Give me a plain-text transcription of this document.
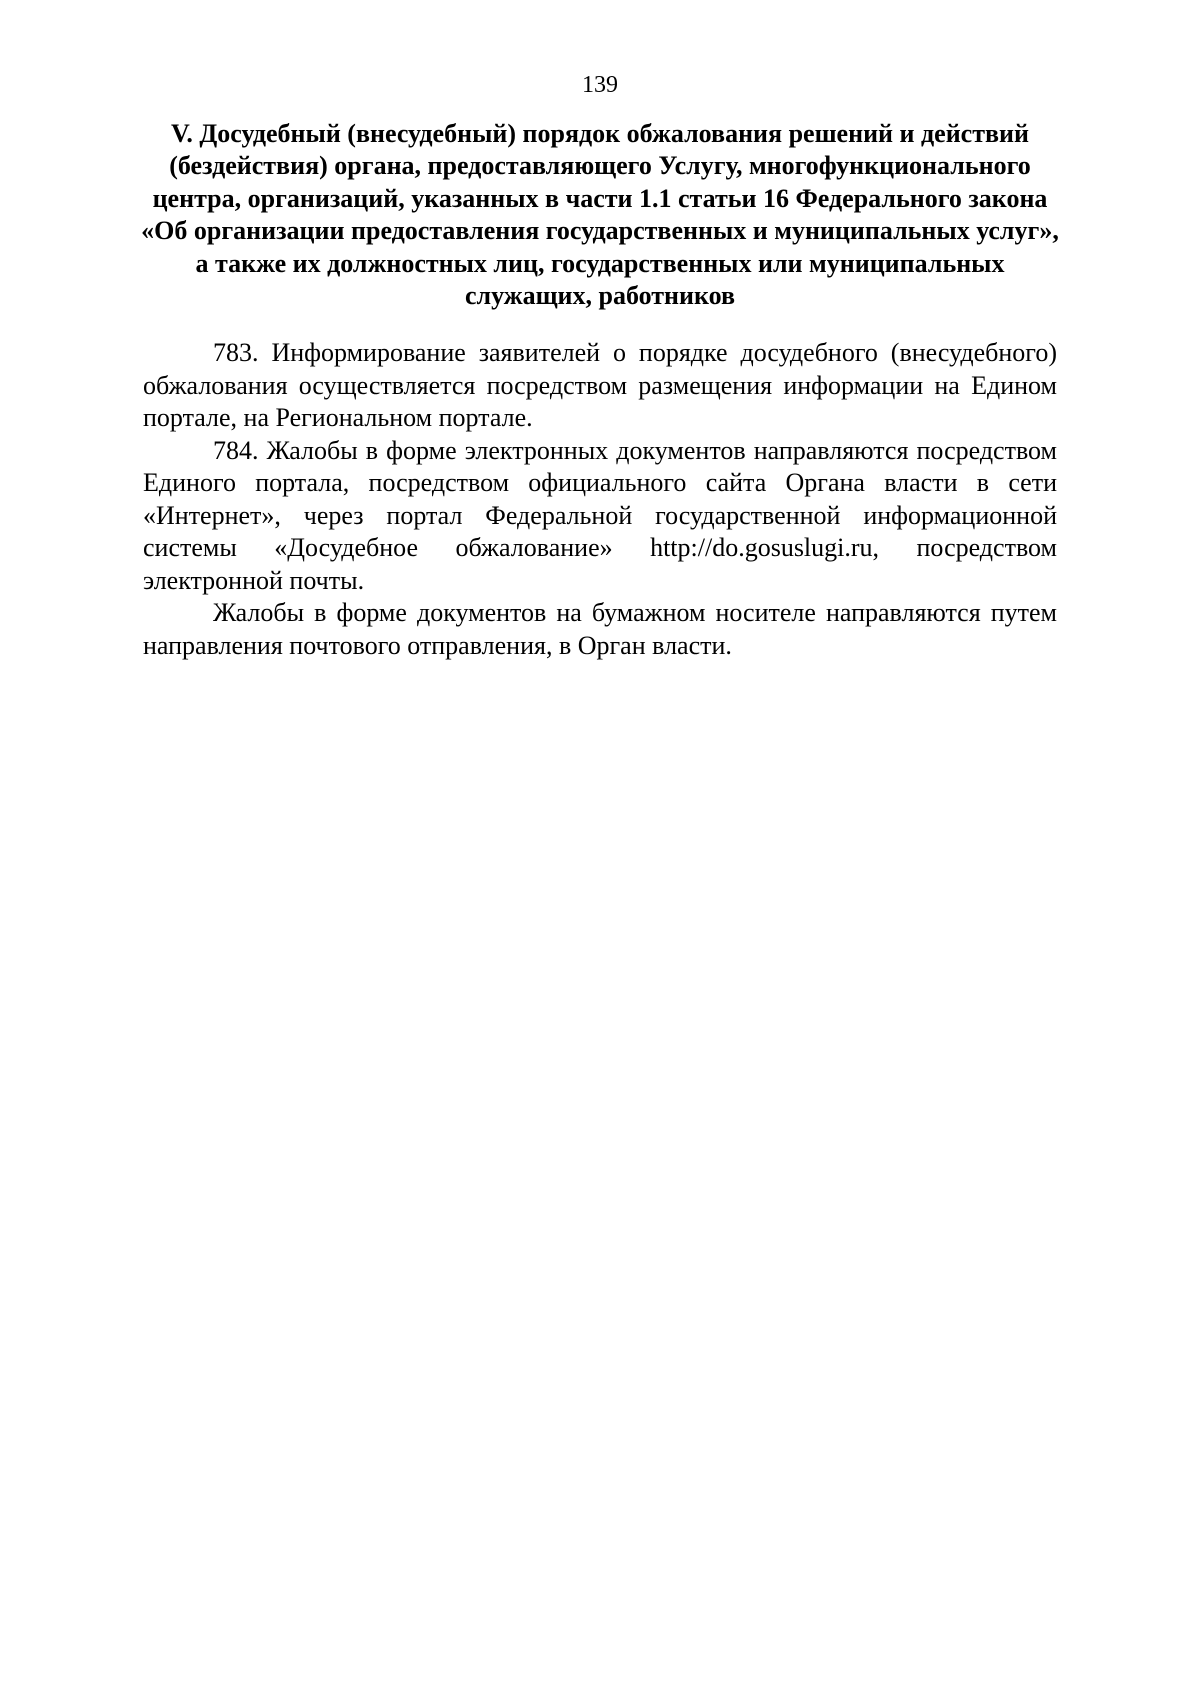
139
V. Досудебный (внесудебный) порядок обжалования решений и действий
(бездействия) органа, предоставляющего Услугу, многофункционального
центра, организаций, указанных в части 1.1 статьи 16 Федерального закона
«Об организации предоставления государственных и муниципальных услуг»,
а также их должностных лиц, государственных или муниципальных
служащих, работников

783. Информирование заявителей о порядке досудебного (внесудебного)
обжалования осуществляется посредством размещения информации на Едином
портале, на Региональном портале.

784. Жалобы в форме электронных документов направляются посредством
Единого портала, посредством официального сайта Органа власти в сети
«Интернет», через портал Федеральной государственной информационной
системы «Досудебное обжалование» http://do.gosuslugi.ru, посредством
электронной почты.

Жалобы в форме документов на бумажном носителе направляются путем
направления почтового отправления, в Орган власти.
